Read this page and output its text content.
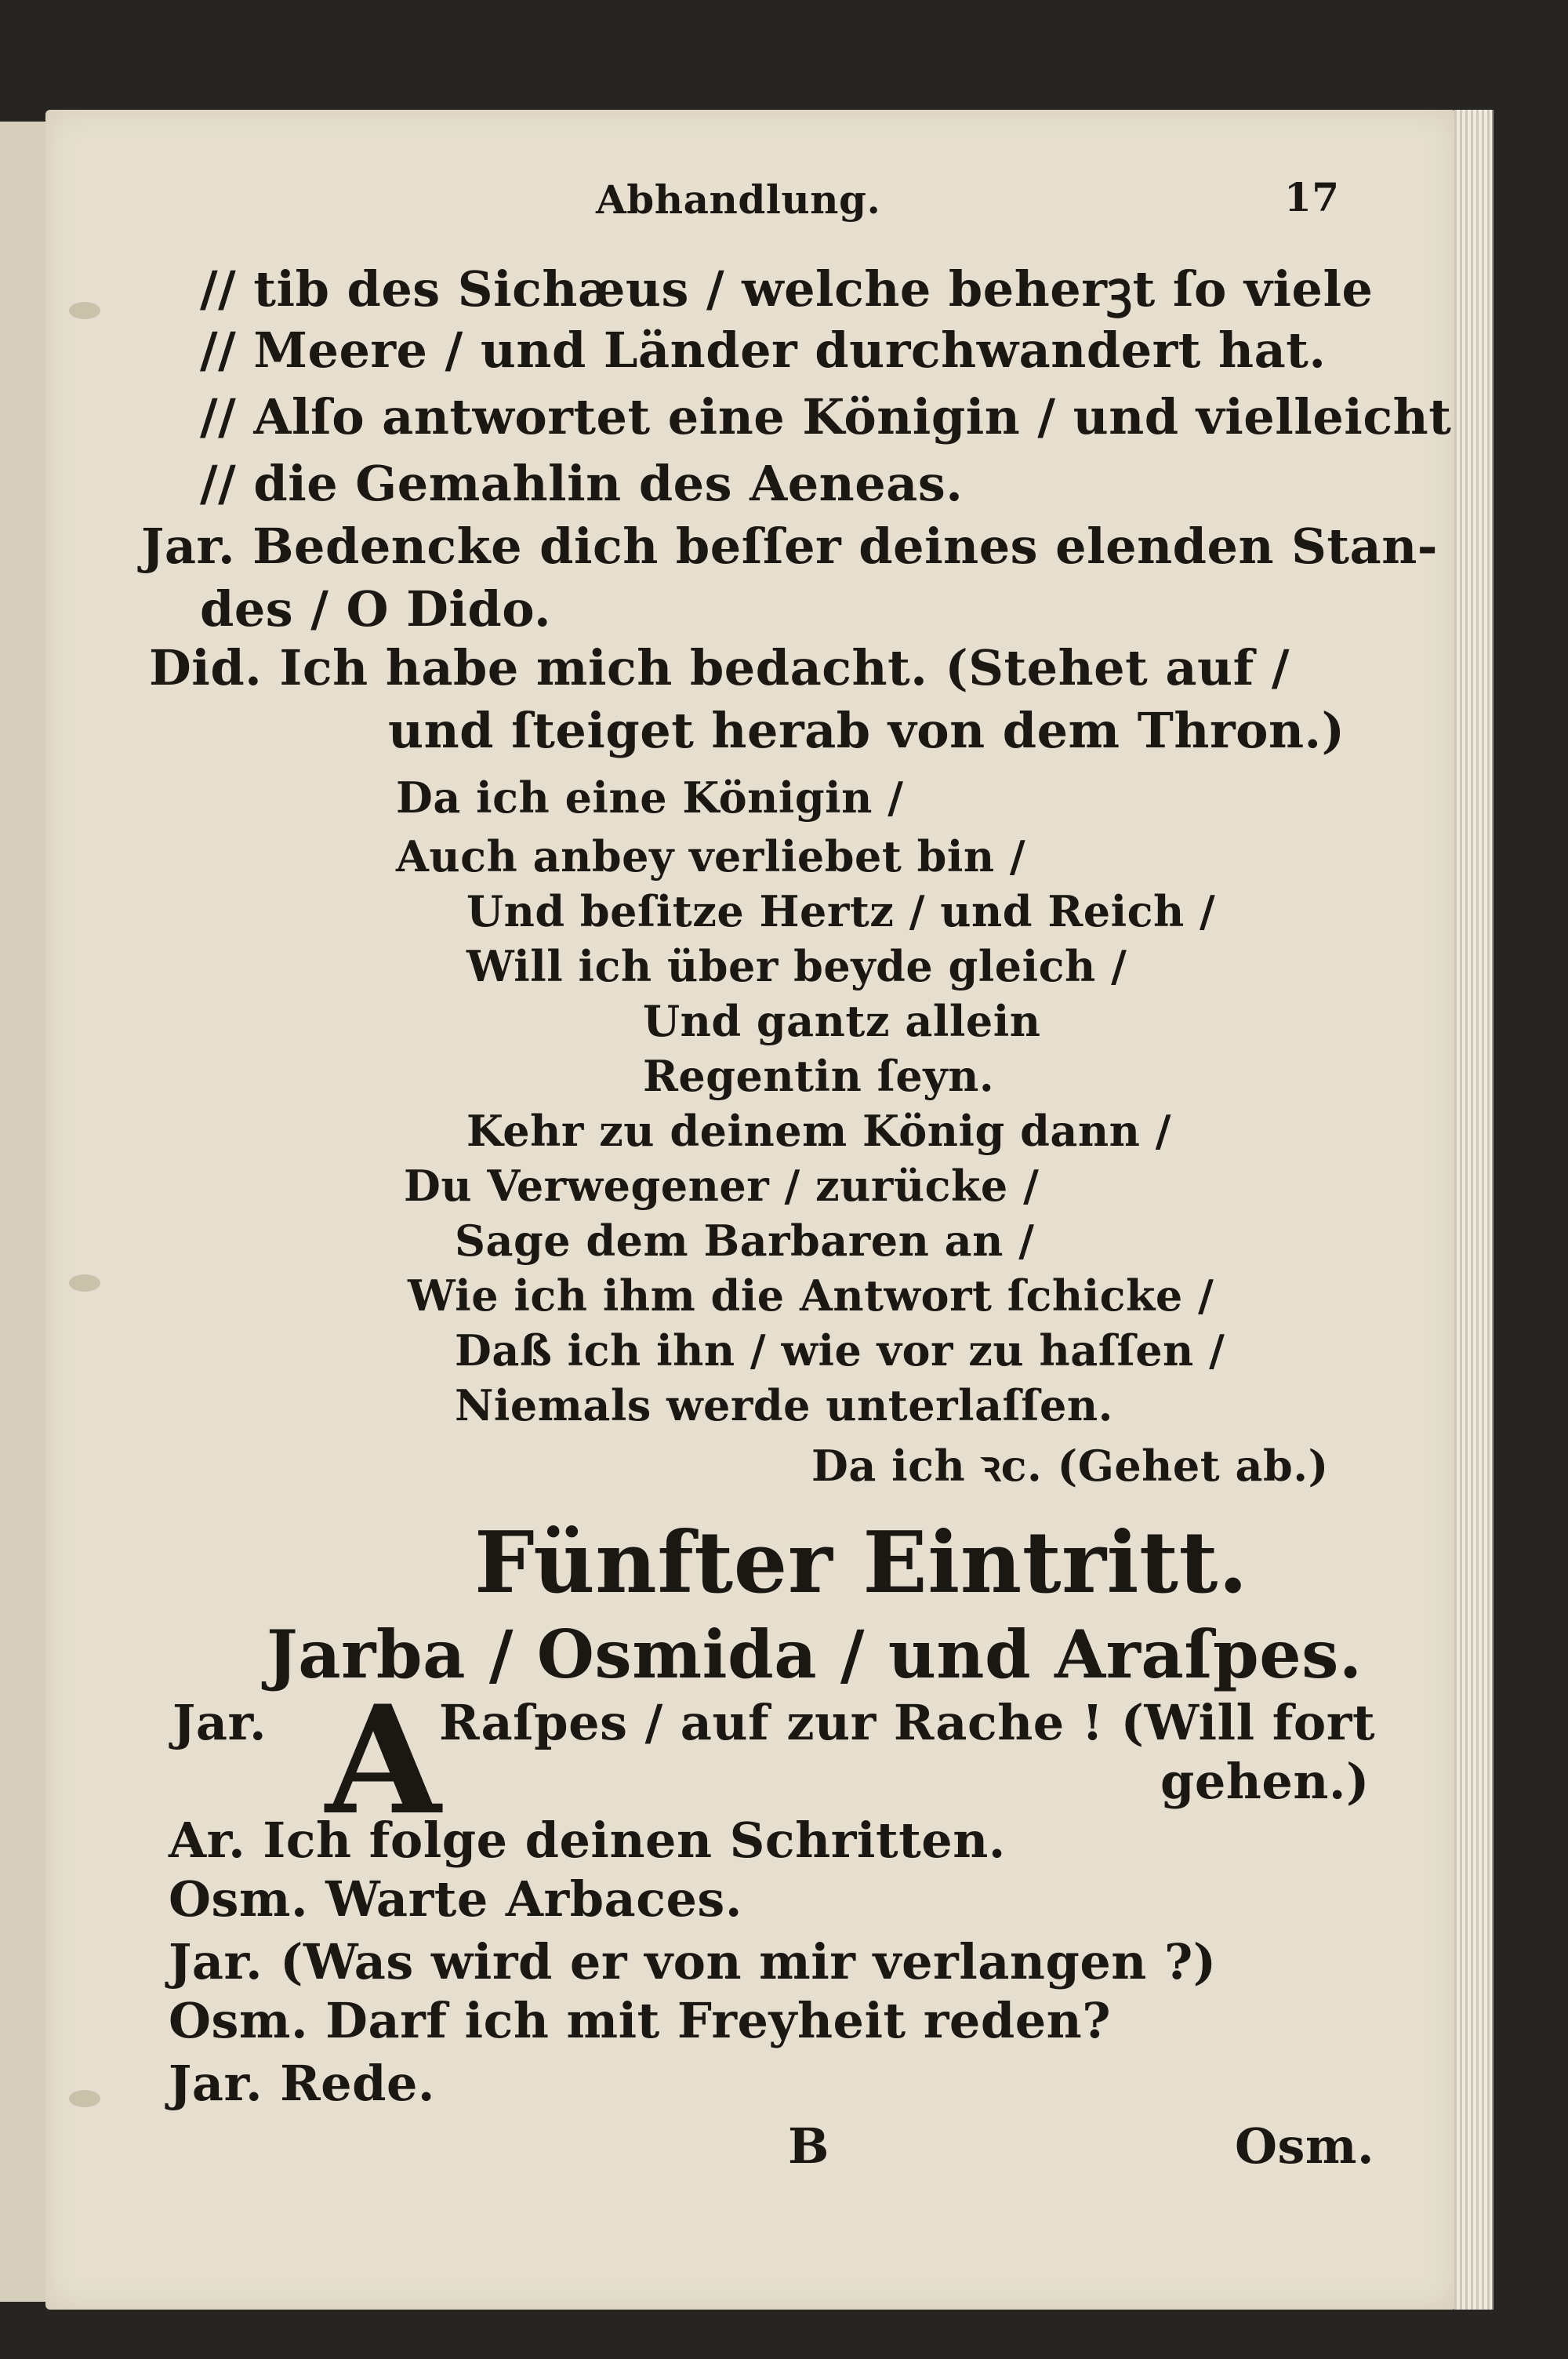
Abhandlung.	17
// tib des Sichæus / welche beherꝫt ſo viele
// Meere / und Länder durchwandert hat.
// Alſo antwortet eine Königin / und vielleicht
// die Gemahlin des Aeneas.
Jar. Bedencke dich beſſer deines elenden Stan-
des / O Dido.
Did. Ich habe mich bedacht. (Stehet auf /
und ſteiget herab von dem Thron.)
Da ich eine Königin /
Auch anbey verliebet bin /
Und beſitze Hertz / und Reich /
Will ich über beyde gleich /
Und gantz allein
Regentin ſeyn.
Kehr zu deinem König dann /
Du Verwegener / zurücke /
Sage dem Barbaren an /
Wie ich ihm die Antwort ſchicke /
Daß ich ihn / wie vor zu haſſen /
Niemals werde unterlaſſen.
Da ich ꝛc. (Gehet ab.)
Fünfter Eintritt.
Jarba / Osmida / und Araſpes.
Jar. A
Raſpes / auf zur Rache ! (Will fort
gehen.)
Ar. Ich folge deinen Schritten.
Osm. Warte Arbaces.
Jar. (Was wird er von mir verlangen ?)
Osm. Darf ich mit Freyheit reden?
Jar. Rede.
B	Osm.
